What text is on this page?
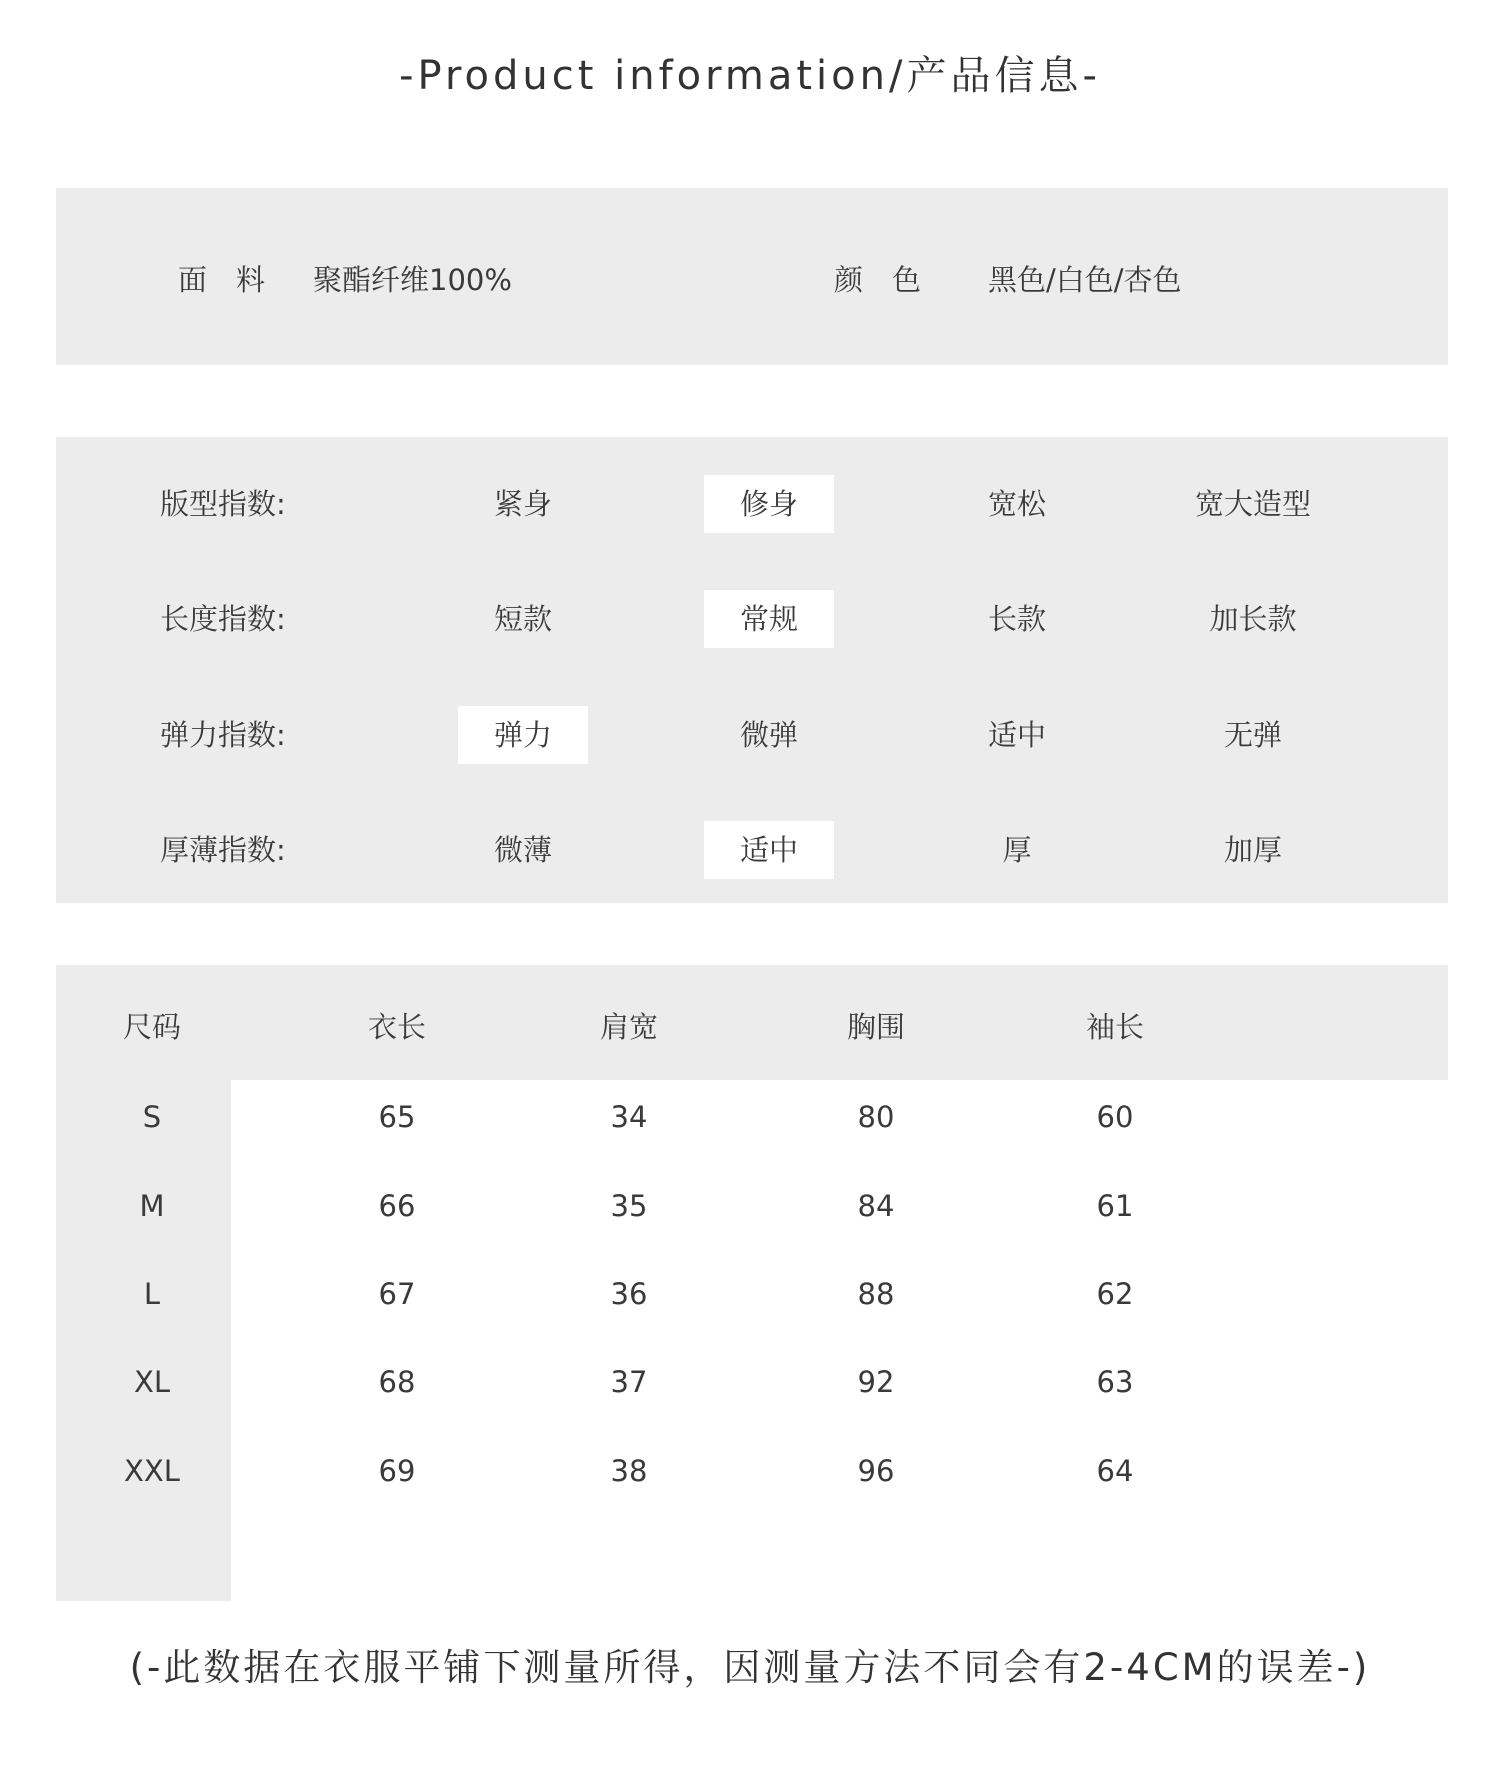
-Product information/产品信息-
面　料 聚酯纤维100%	颜　色 黑色/白色/杏色
版型指数:	紧身	修身	宽松	宽大造型
长度指数:	短款	常规	长款	加长款
弹力指数:	弹力	微弹	适中	无弹
厚薄指数:	微薄	适中	厚	加厚
尺码	衣长	肩宽	胸围	袖长
S	65	34	80	60
M	66	35	84	61
L	67	36	88	62
XL	68	37	92	63
XXL	69	38	96	64
(-此数据在衣服平铺下测量所得，因测量方法不同会有2-4CM的误差-)
